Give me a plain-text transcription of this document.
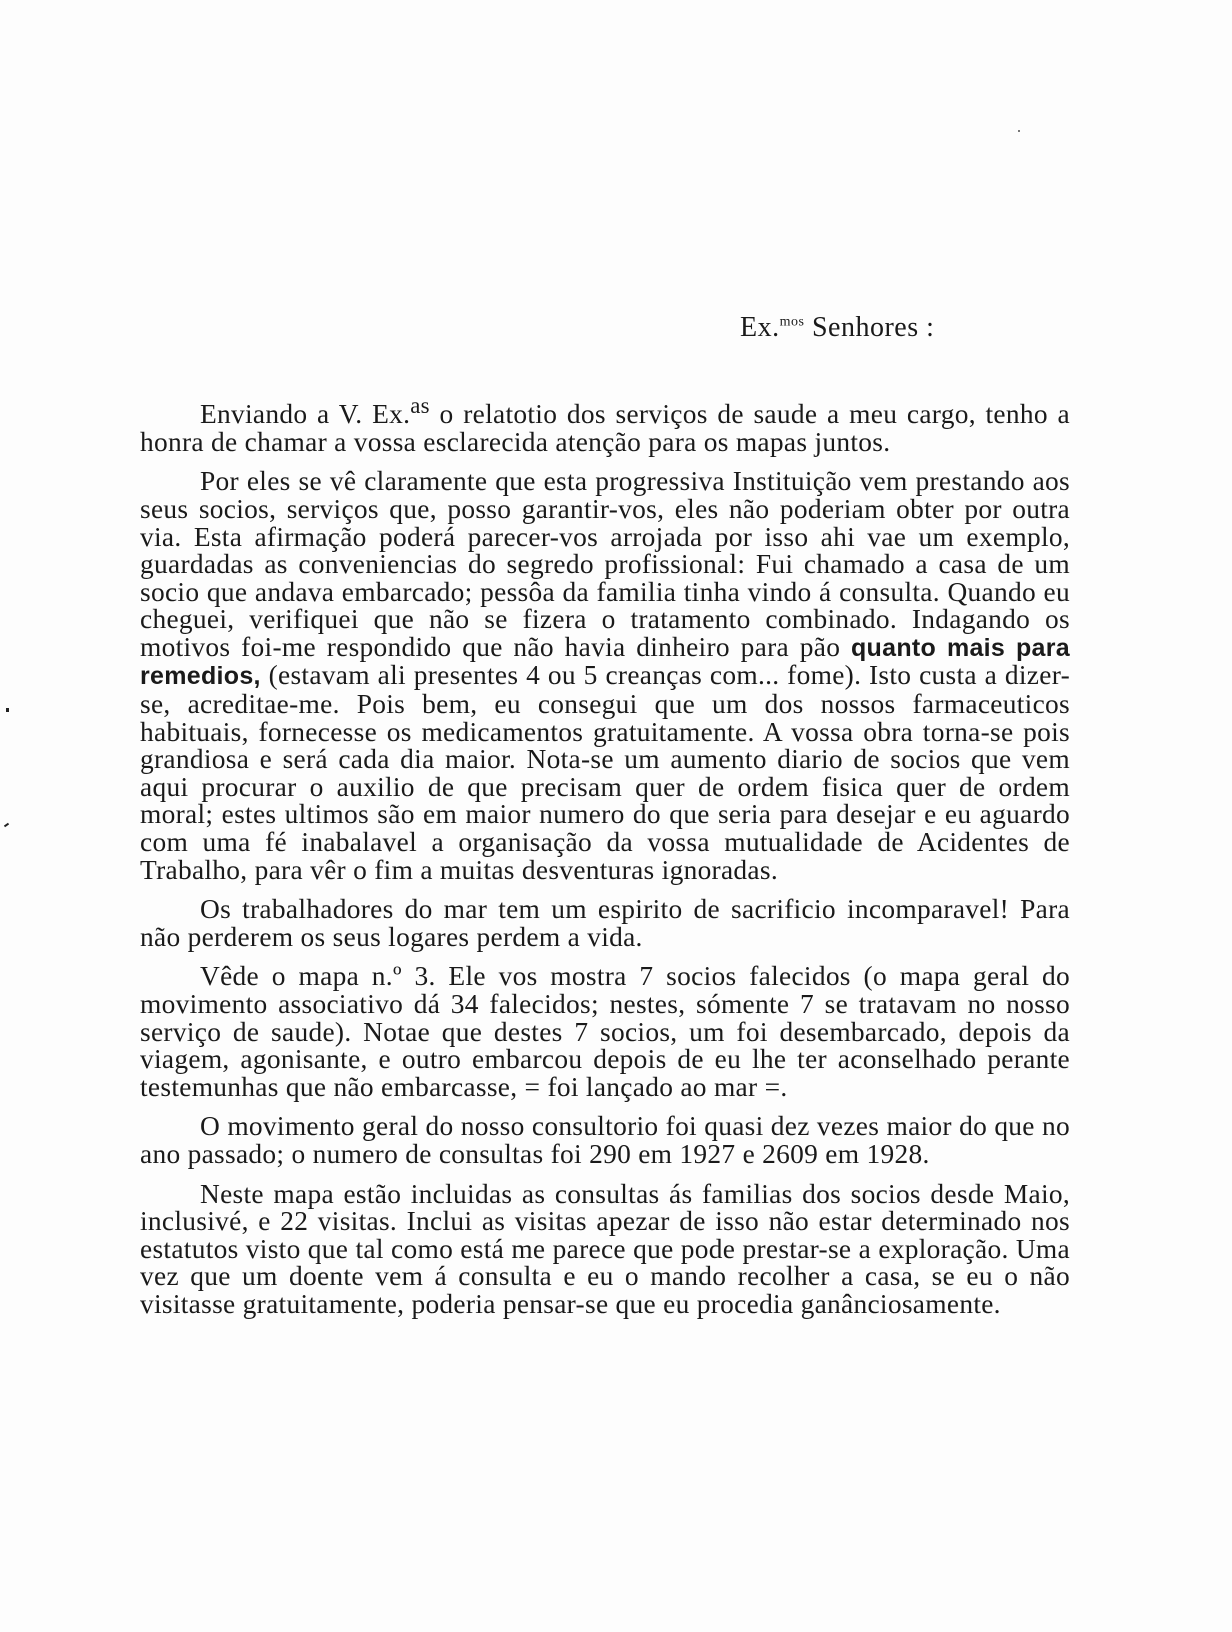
Ex.$^{mos}$ Senhores :

Enviando a V. Ex.$^{as}$ o relatotio dos serviços de saude a meu cargo, tenho a honra de chamar a vossa esclarecida atenção para os mapas juntos.

Por eles se vê claramente que esta progressiva Instituição vem prestando aos seus socios, serviços que, posso garantir-vos, eles não poderiam obter por outra via. Esta afirmação poderá parecer-vos arrojada por isso ahi vae um exemplo, guardadas as conveniencias do segredo profissional: Fui chamado a casa de um socio que andava embarcado; pessôa da familia tinha vindo á consulta. Quando eu cheguei, verifiquei que não se fizera o tratamento combinado. Indagando os motivos foi-me respondido que não havia dinheiro para pão quanto mais para remedios, (estavam ali presentes 4 ou 5 creanças com... fome). Isto custa a dizer-se, acreditae-me. Pois bem, eu consegui que um dos nossos farmaceuticos habituais, fornecesse os medicamentos gratuitamente. A vossa obra torna-se pois grandiosa e será cada dia maior. Nota-se um aumento diario de socios que vem aqui procurar o auxilio de que precisam quer de ordem fisica quer de ordem moral; estes ultimos são em maior numero do que seria para desejar e eu aguardo com uma fé inabalavel a organisação da vossa mutualidade de Acidentes de Trabalho, para vêr o fim a muitas desventuras ignoradas.

Os trabalhadores do mar tem um espirito de sacrificio incomparavel! Para não perderem os seus logares perdem a vida.

Vêde o mapa n.º 3. Ele vos mostra 7 socios falecidos (o mapa geral do movimento associativo dá 34 falecidos; nestes, sómente 7 se tratavam no nosso serviço de saude). Notae que destes 7 socios, um foi desembarcado, depois da viagem, agonisante, e outro embarcou depois de eu lhe ter aconselhado perante testemunhas que não embarcasse, = foi lançado ao mar =.

O movimento geral do nosso consultorio foi quasi dez vezes maior do que no ano passado; o numero de consultas foi 290 em 1927 e 2609 em 1928.

Neste mapa estão incluidas as consultas ás familias dos socios desde Maio, inclusivé, e 22 visitas. Inclui as visitas apezar de isso não estar determinado nos estatutos visto que tal como está me parece que pode prestar-se a exploração. Uma vez que um doente vem á consulta e eu o mando recolher a casa, se eu o não visitasse gratuitamente, poderia pensar-se que eu procedia ganânciosamente.
